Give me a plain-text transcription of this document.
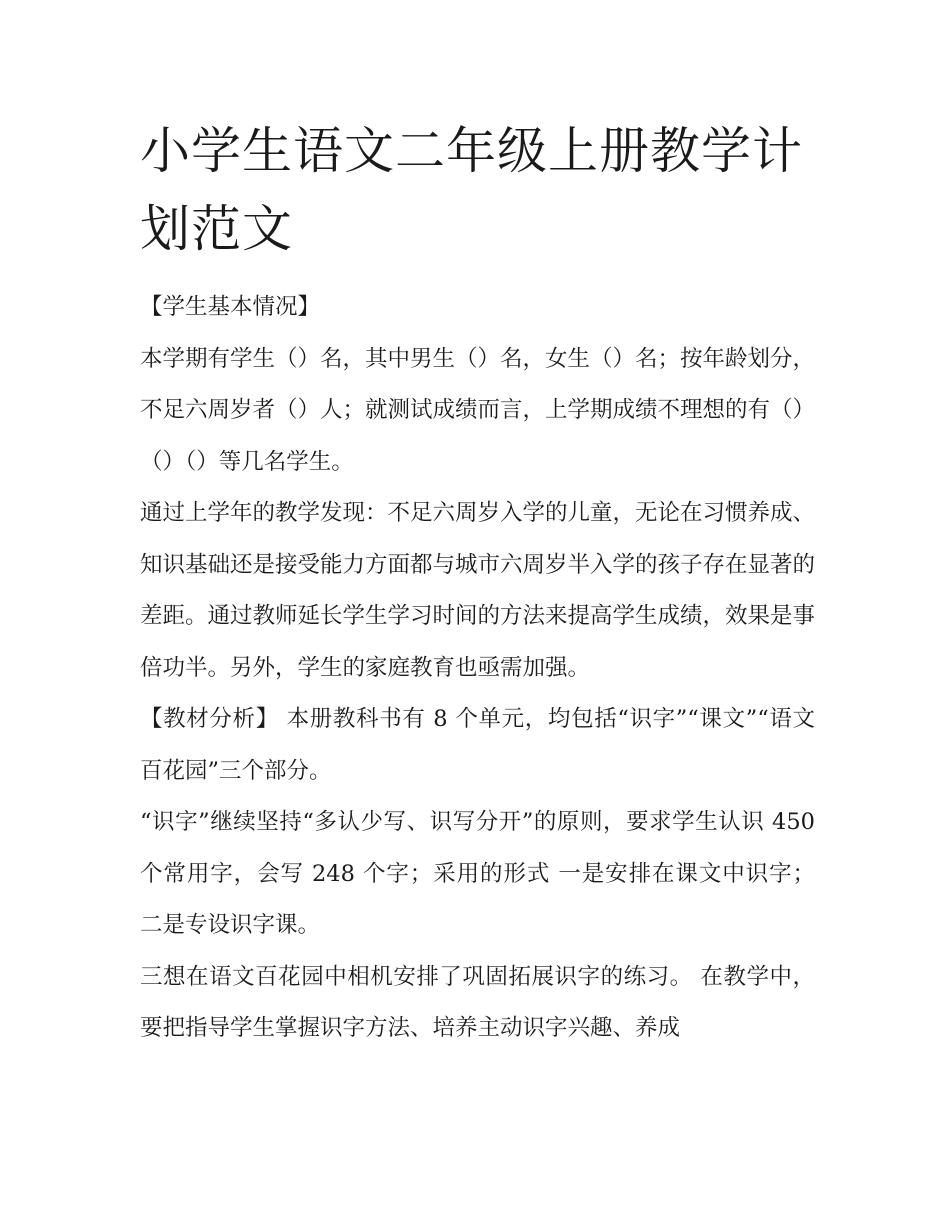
小学生语文二年级上册教学计划范文

【学生基本情况】

本学期有学生（）名，其中男生（）名，女生（）名；按年龄划分，不足六周岁者（）人；就测试成绩而言，上学期成绩不理想的有（）（）（）等几名学生。

通过上学年的教学发现：不足六周岁入学的儿童，无论在习惯养成、知识基础还是接受能力方面都与城市六周岁半入学的孩子存在显著的差距。通过教师延长学生学习时间的方法来提高学生成绩，效果是事倍功半。另外，学生的家庭教育也亟需加强。

【教材分析】 本册教科书有 8 个单元，均包括“识字”“课文”“语文百花园”三个部分。

“识字”继续坚持“多认少写、识写分开”的原则，要求学生认识 450 个常用字，会写 248 个字；采用的形式 一是安排在课文中识字； 二是专设识字课。

三想在语文百花园中相机安排了巩固拓展识字的练习。 在教学中，要把指导学生掌握识字方法、培养主动识字兴趣、养成
